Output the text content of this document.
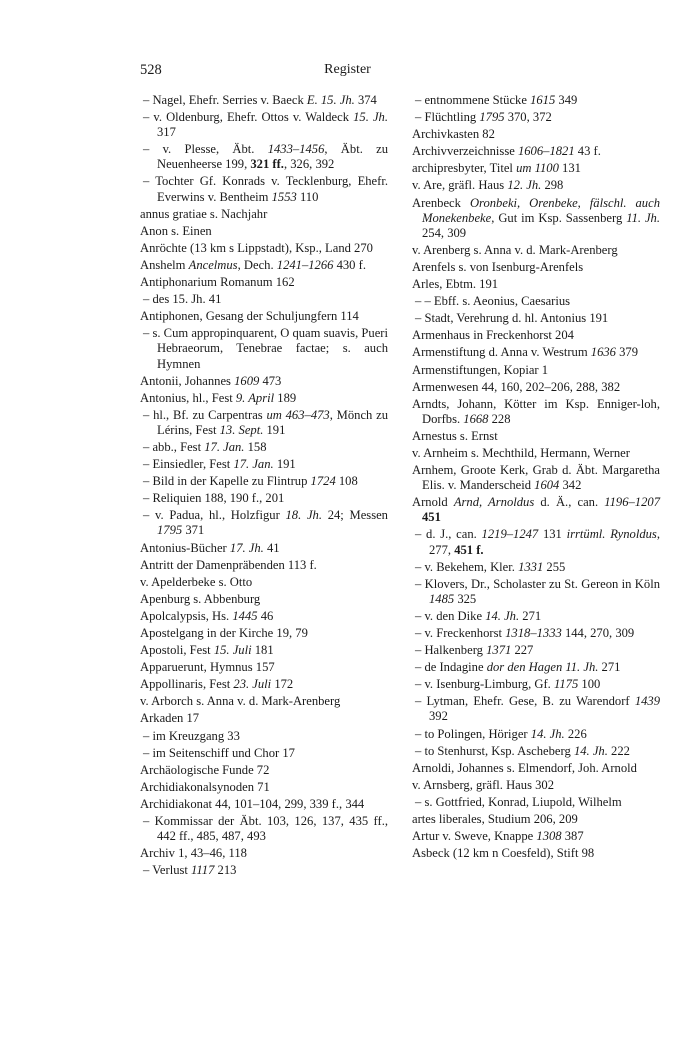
528	Register

– Nagel, Ehefr. Serries v. Baeck E. 15. Jh. 374

– v. Oldenburg, Ehefr. Ottos v. Waldeck 15. Jh. 317

– v. Plesse, Äbt. 1433–1456, Äbt. zu Neuenheerse 199, 321 ff., 326, 392

– Tochter Gf. Konrads v. Tecklenburg, Ehefr. Everwins v. Bentheim 1553 110

annus gratiae s. Nachjahr

Anon s. Einen

Anröchte (13 km s Lippstadt), Ksp., Land 270

Anshelm Ancelmus, Dech. 1241–1266 430 f.

Antiphonarium Romanum 162

– des 15. Jh. 41

Antiphonen, Gesang der Schuljungfern 114

– s. Cum appropinquarent, O quam suavis, Pueri Hebraeorum, Tenebrae factae; s. auch Hymnen

Antonii, Johannes 1609 473

Antonius, hl., Fest 9. April 189

– hl., Bf. zu Carpentras um 463–473, Mönch zu Lérins, Fest 13. Sept. 191

– abb., Fest 17. Jan. 158

– Einsiedler, Fest 17. Jan. 191

– Bild in der Kapelle zu Flintrup 1724 108

– Reliquien 188, 190 f., 201

– v. Padua, hl., Holzfigur 18. Jh. 24; Messen 1795 371

Antonius-Bücher 17. Jh. 41

Antritt der Damenpräbenden 113 f.

v. Apelderbeke s. Otto

Apenburg s. Abbenburg

Apolcalypsis, Hs. 1445 46

Apostelgang in der Kirche 19, 79

Apostoli, Fest 15. Juli 181

Apparuerunt, Hymnus 157

Appollinaris, Fest 23. Juli 172

v. Arborch s. Anna v. d. Mark-Arenberg

Arkaden 17

– im Kreuzgang 33

– im Seitenschiff und Chor 17

Archäologische Funde 72

Archidiakonalsynoden 71

Archidiakonat 44, 101–104, 299, 339 f., 344

– Kommissar der Äbt. 103, 126, 137, 435 ff., 442 ff., 485, 487, 493

Archiv 1, 43–46, 118

– Verlust 1117 213

– entnommene Stücke 1615 349

– Flüchtling 1795 370, 372

Archivkasten 82

Archivverzeichnisse 1606–1821 43 f.

archipresbyter, Titel um 1100 131

v. Are, gräfl. Haus 12. Jh. 298

Arenbeck Oronbeki, Orenbeke, fälschl. auch Monekenbeke, Gut im Ksp. Sassenberg 11. Jh. 254, 309

v. Arenberg s. Anna v. d. Mark-Arenberg

Arenfels s. von Isenburg-Arenfels

Arles, Ebtm. 191

– – Ebff. s. Aeonius, Caesarius

– Stadt, Verehrung d. hl. Antonius 191

Armenhaus in Freckenhorst 204

Armenstiftung d. Anna v. Westrum 1636 379

Armenstiftungen, Kopiar 1

Armenwesen 44, 160, 202–206, 288, 382

Arndts, Johann, Kötter im Ksp. Enniger-loh, Dorfbs. 1668 228

Arnestus s. Ernst

v. Arnheim s. Mechthild, Hermann, Werner

Arnhem, Groote Kerk, Grab d. Äbt. Margaretha Elis. v. Manderscheid 1604 342

Arnold Arnd, Arnoldus d. Ä., can. 1196–1207 451

– d. J., can. 1219–1247 131 irrtüml. Rynoldus, 277, 451 f.

– v. Bekehem, Kler. 1331 255

– Klovers, Dr., Scholaster zu St. Gereon in Köln 1485 325

– v. den Dike 14. Jh. 271

– v. Freckenhorst 1318–1333 144, 270, 309

– Halkenberg 1371 227

– de Indagine dor den Hagen 11. Jh. 271

– v. Isenburg-Limburg, Gf. 1175 100

– Lytman, Ehefr. Gese, B. zu Warendorf 1439 392

– to Polingen, Höriger 14. Jh. 226

– to Stenhurst, Ksp. Ascheberg 14. Jh. 222

Arnoldi, Johannes s. Elmendorf, Joh. Arnold

v. Arnsberg, gräfl. Haus 302

– s. Gottfried, Konrad, Liupold, Wilhelm

artes liberales, Studium 206, 209

Artur v. Sweve, Knappe 1308 387

Asbeck (12 km n Coesfeld), Stift 98
